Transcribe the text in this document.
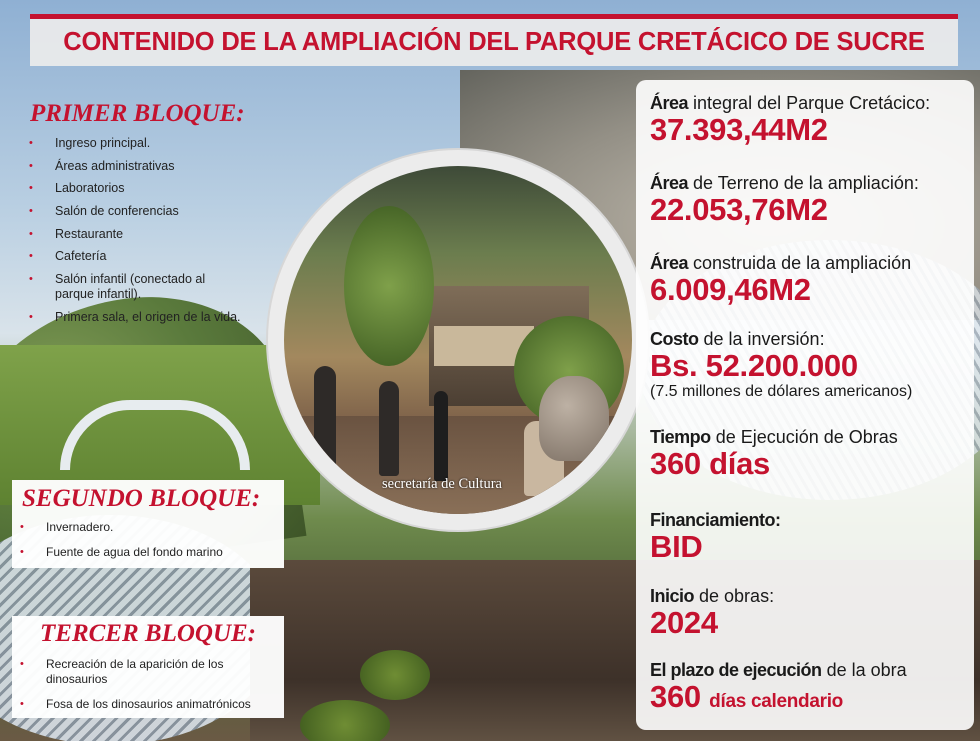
CONTENIDO DE LA AMPLIACIÓN DEL PARQUE CRETÁCICO DE SUCRE
PRIMER BLOQUE:
• Ingreso principal.
• Áreas administrativas
• Laboratorios
• Salón de conferencias
• Restaurante
• Cafetería
• Salón infantil (conectado al parque infantil).
• Primera sala, el origen de la vida.
SEGUNDO BLOQUE:
• Invernadero.
• Fuente de agua del fondo marino
TERCER BLOQUE:
• Recreación de la aparición de los dinosaurios
• Fosa de los dinosaurios animatrónicos
secretaría de Cultura
Área integral del Parque Cretácico:
37.393,44M2
Área de Terreno de la ampliación:
22.053,76M2
Área construida de la ampliación
6.009,46M2
Costo de la inversión:
Bs. 52.200.000
(7.5 millones de dólares americanos)
Tiempo de Ejecución de Obras
360 días
Financiamiento:
BID
Inicio de obras:
2024
El plazo de ejecución de la obra
360 días calendario
